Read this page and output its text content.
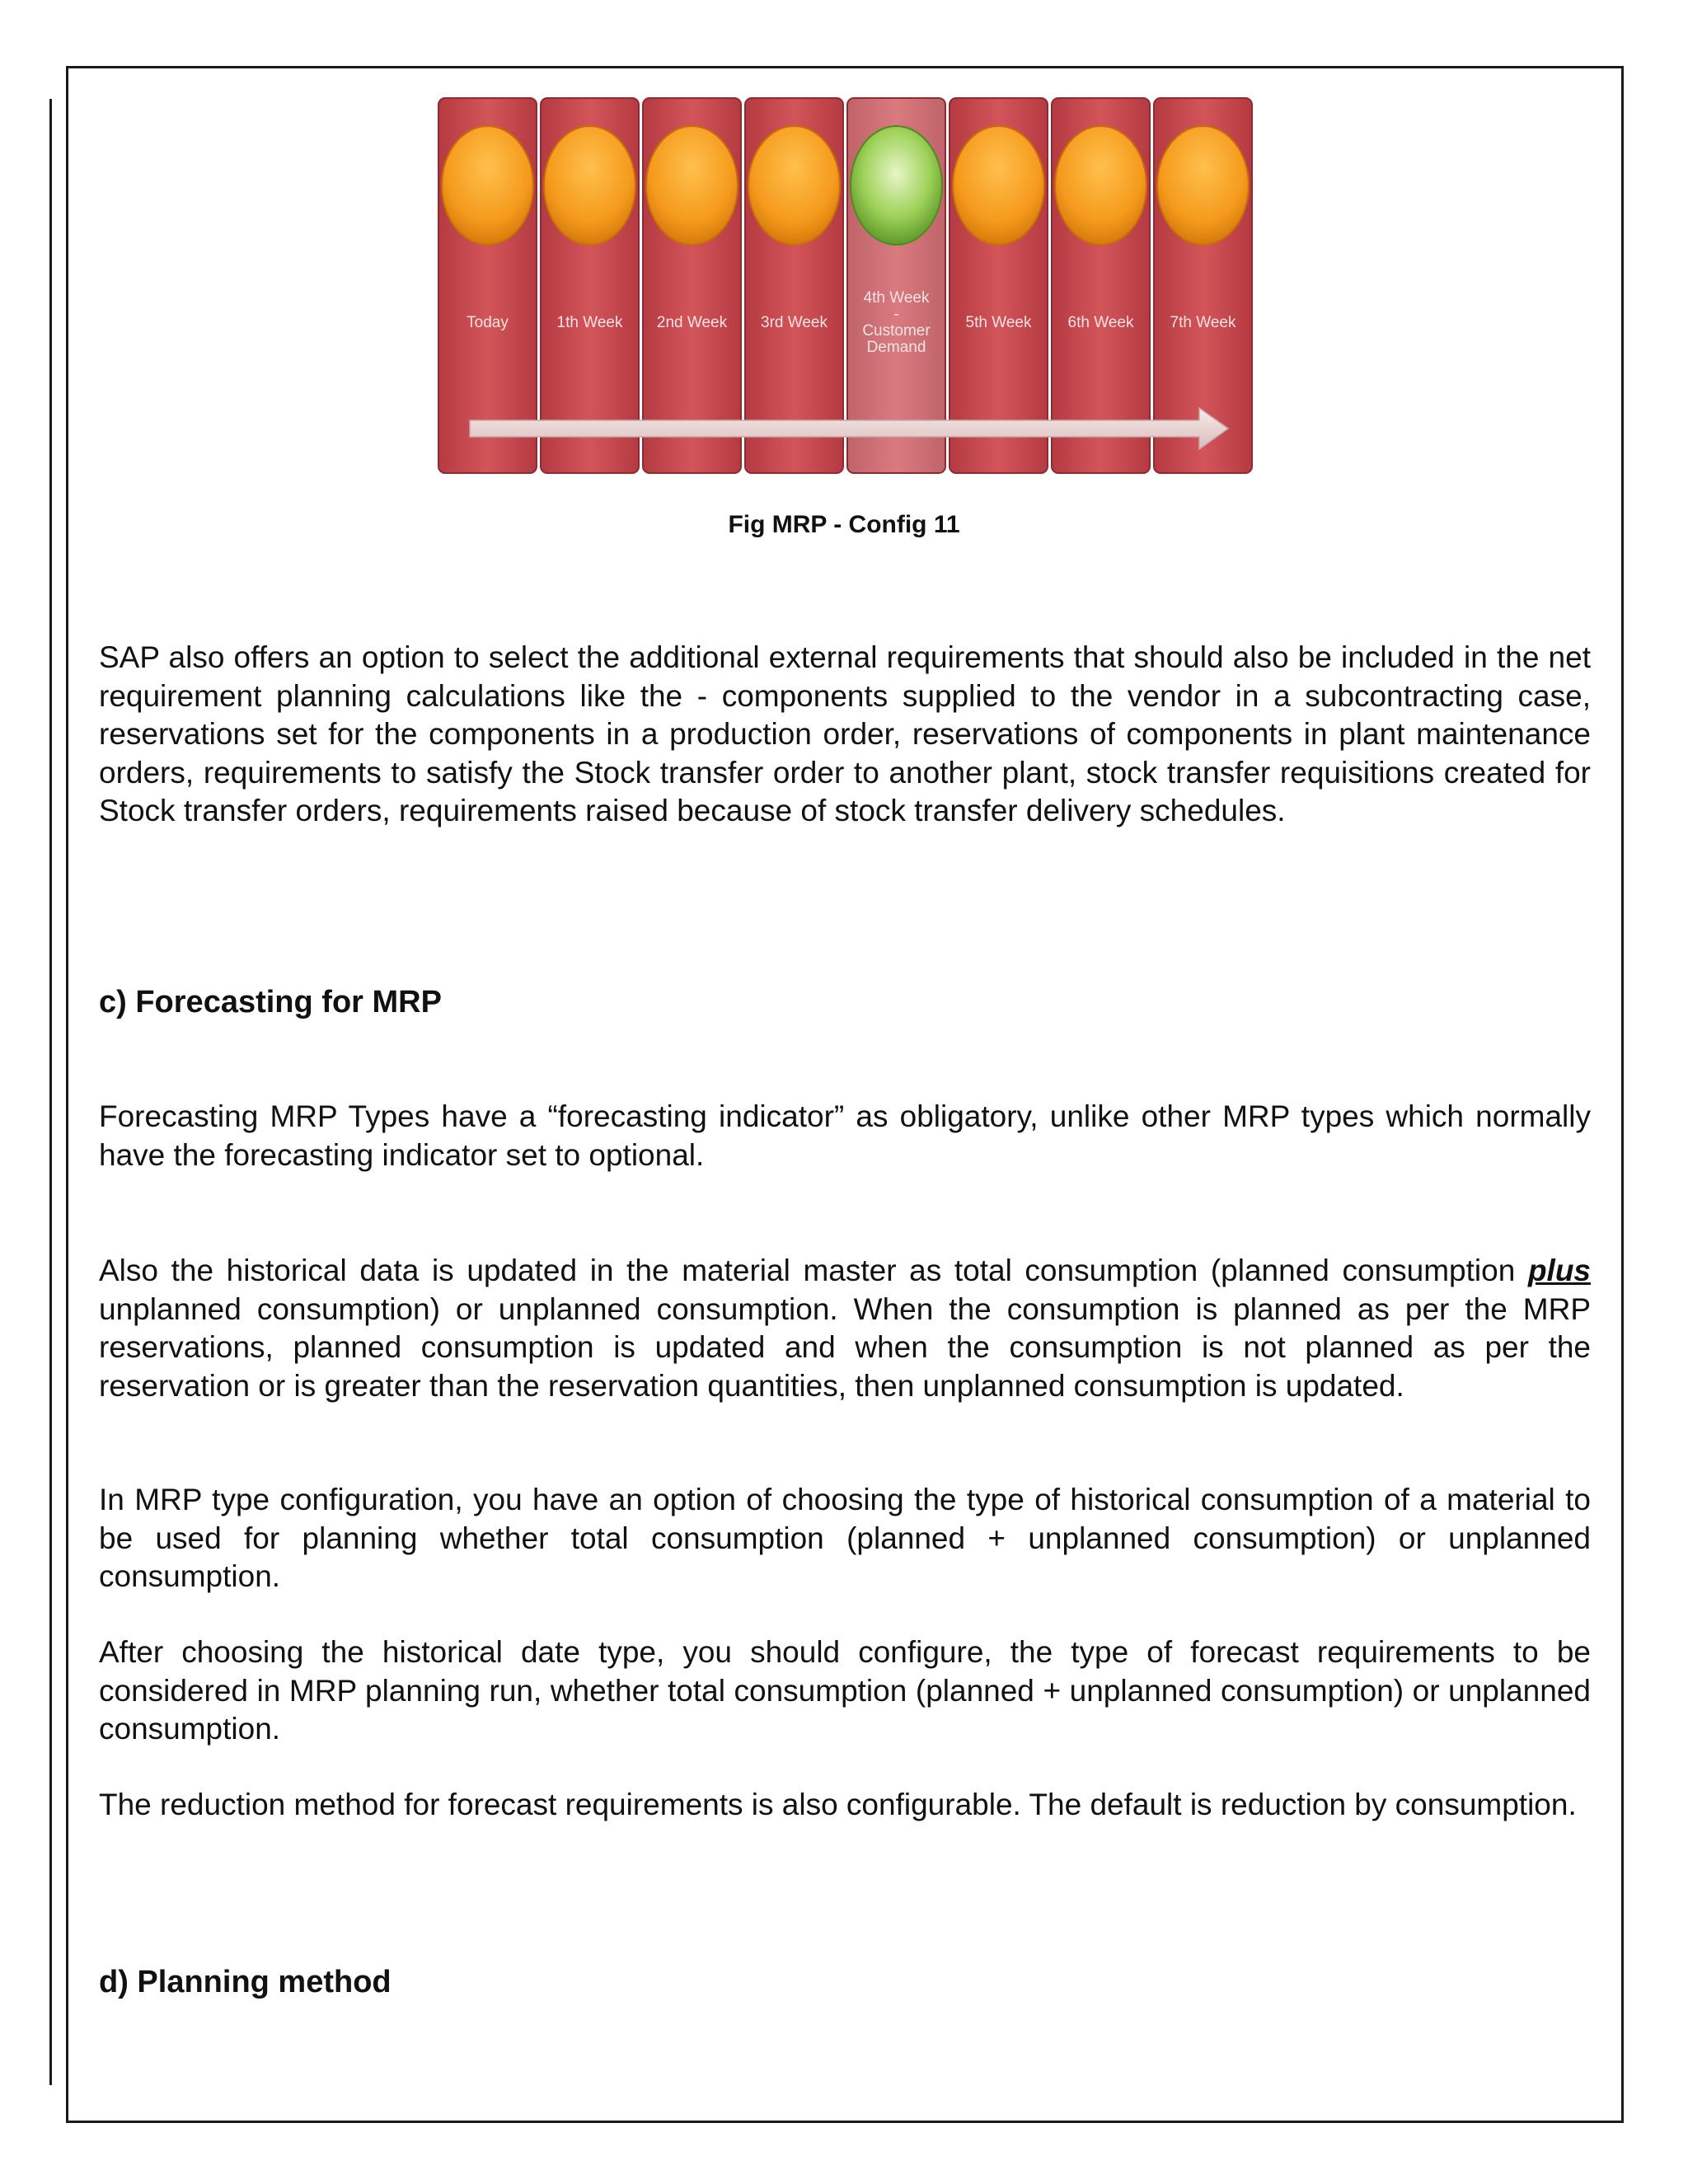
Today	1th Week 2nd Week 3rd Week
4th Week -Customer Demand
5th Week 6th Week 7th Week
Fig MRP - Config 11
SAP also offers an option to select the additional external requirements that should also be included in the net requirement planning calculations like the - components supplied to the vendor in a subcontracting case, reservations set for the components in a production order, reservations of components in plant maintenance orders, requirements to satisfy the Stock transfer order to another plant, stock transfer requisitions created for Stock transfer orders, requirements raised because of stock transfer delivery schedules.
c) Forecasting for MRP
Forecasting MRP Types have a “forecasting indicator” as obligatory, unlike other MRP types which normally have the forecasting indicator set to optional.
Also the historical data is updated in the material master as total consumption (planned consumption plus unplanned consumption) or unplanned consumption. When the consumption is planned as per the MRP reservations, planned consumption is updated and when the consumption is not planned as per the reservation or is greater than the reservation quantities, then unplanned consumption is updated.
In MRP type configuration, you have an option of choosing the type of historical consumption of a material to be used for planning whether total consumption (planned + unplanned consumption) or unplanned consumption.
After choosing the historical date type, you should configure, the type of forecast requirements to be considered in MRP planning run, whether total consumption (planned + unplanned consumption) or unplanned consumption.
The reduction method for forecast requirements is also configurable. The default is reduction by consumption.
d) Planning method
